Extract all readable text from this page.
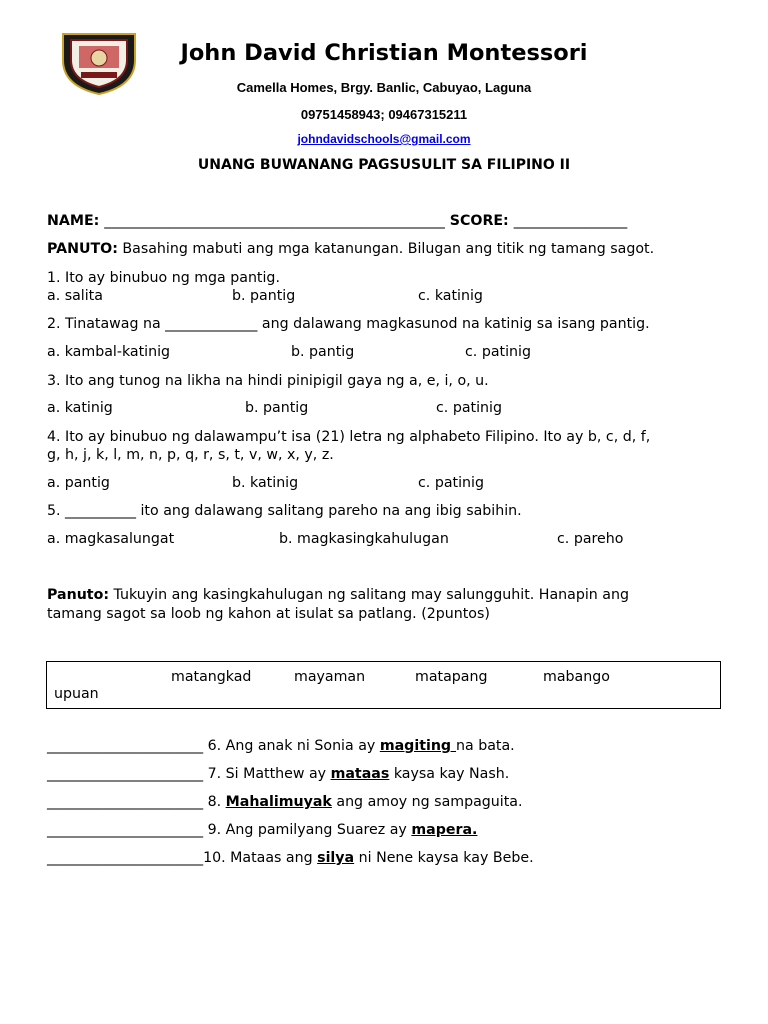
John David Christian Montessori
Camella Homes, Brgy. Banlic, Cabuyao, Laguna
09751458943; 09467315211
johndavidschools@gmail.com
UNANG BUWANANG PAGSUSULIT SA FILIPINO II
NAME: ________________________________________________ SCORE: ________________
PANUTO: Basahing mabuti ang mga katanungan. Bilugan ang titik ng tamang sagot.
1. Ito ay binubuo ng mga pantig.
a. salita	b. pantig	c. katinig
2. Tinatawag na _____________ ang dalawang magkasunod na katinig sa isang pantig.
a. kambal-katinig	b. pantig	c. patinig
3. Ito ang tunog na likha na hindi pinipigil gaya ng a, e, i, o, u.
a. katinig	b. pantig	c. patinig
4. Ito ay binubuo ng dalawampu’t isa (21) letra ng alphabeto Filipino. Ito ay b, c, d, f,
g, h, j, k, l, m, n, p, q, r, s, t, v, w, x, y, z.
a. pantig	b. katinig	c. patinig
5. __________ ito ang dalawang salitang pareho na ang ibig sabihin.
a. magkasalungat	b. magkasingkahulugan	c. pareho
Panuto: Tukuyin ang kasingkahulugan ng salitang may salungguhit. Hanapin ang
tamang sagot sa loob ng kahon at isulat sa patlang. (2puntos)
matangkad	mayaman	matapang	mabango
upuan
______________________ 6. Ang anak ni Sonia ay magiting na bata.
______________________ 7. Si Matthew ay mataas kaysa kay Nash.
______________________ 8. Mahalimuyak ang amoy ng sampaguita.
______________________ 9. Ang pamilyang Suarez ay mapera.
______________________10. Mataas ang silya ni Nene kaysa kay Bebe.
